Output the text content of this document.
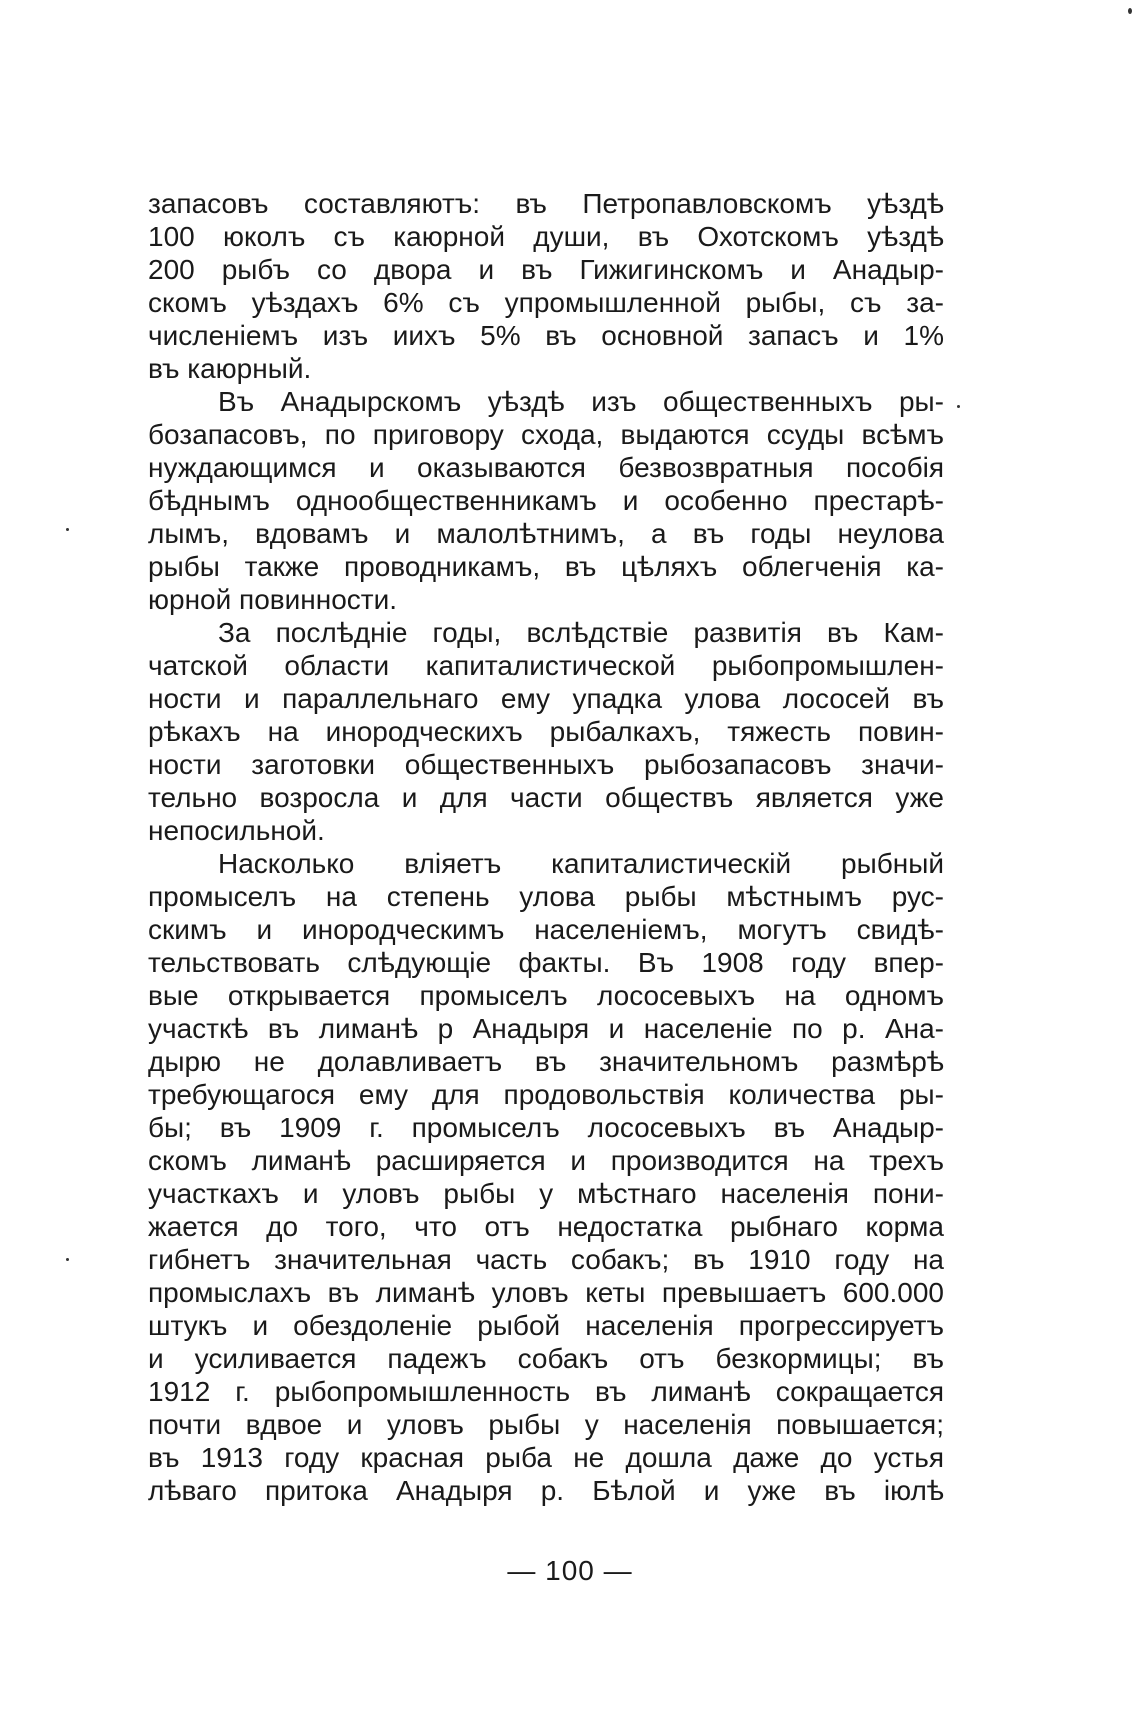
запасовъ составляютъ: въ Петропавловскомъ уѣздѣ
100 юколъ съ каюрной души, въ Охотскомъ уѣздѣ
200 рыбъ со двора и въ Гижигинскомъ и Анадыр-
скомъ уѣздахъ 6% съ упромышленной рыбы, съ за-
численіемъ изъ иихъ 5% въ основной запасъ и 1%
въ каюрный.
Въ Анадырскомъ уѣздѣ изъ общественныхъ ры-
бозапасовъ, по приговору схода, выдаются ссуды всѣмъ
нуждающимся и оказываются безвозвратныя пособія
бѣднымъ однообщественникамъ и особенно престарѣ-
лымъ, вдовамъ и малолѣтнимъ, а въ годы неулова
рыбы также проводникамъ, въ цѣляхъ облегченія ка-
юрной повинности.
За послѣдніе годы, вслѣдствіе развитія въ Кам-
чатской области капиталистической рыбопромышлен-
ности и параллельнаго ему упадка улова лососей въ
рѣкахъ на инородческихъ рыбалкахъ, тяжесть повин-
ности заготовки общественныхъ рыбозапасовъ значи-
тельно возросла и для части обществъ является уже
непосильной.
Насколько вліяетъ капиталистическій рыбный
промыселъ на степень улова рыбы мѣстнымъ рус-
скимъ и инородческимъ населеніемъ, могутъ свидѣ-
тельствовать слѣдующіе факты. Въ 1908 году впер-
вые открывается промыселъ лососевыхъ на одномъ
участкѣ въ лиманѣ р Анадыря и населеніе по р. Ана-
дырю не долавливаетъ въ значительномъ размѣрѣ
требующагося ему для продовольствія количества ры-
бы; въ 1909 г. промыселъ лососевыхъ въ Анадыр-
скомъ лиманѣ расширяется и производится на трехъ
участкахъ и уловъ рыбы у мѣстнаго населенія пони-
жается до того, что отъ недостатка рыбнаго корма
гибнетъ значительная часть собакъ; въ 1910 году на
промыслахъ въ лиманѣ уловъ кеты превышаетъ 600.000
штукъ и обездоленіе рыбой населенія прогрессируетъ
и усиливается падежъ собакъ отъ безкормицы; въ
1912 г. рыбопромышленность въ лиманѣ сокращается
почти вдвое и уловъ рыбы у населенія повышается;
въ 1913 году красная рыба не дошла даже до устья
лѣваго притока Анадыря р. Бѣлой и уже въ іюлѣ
— 100 —
